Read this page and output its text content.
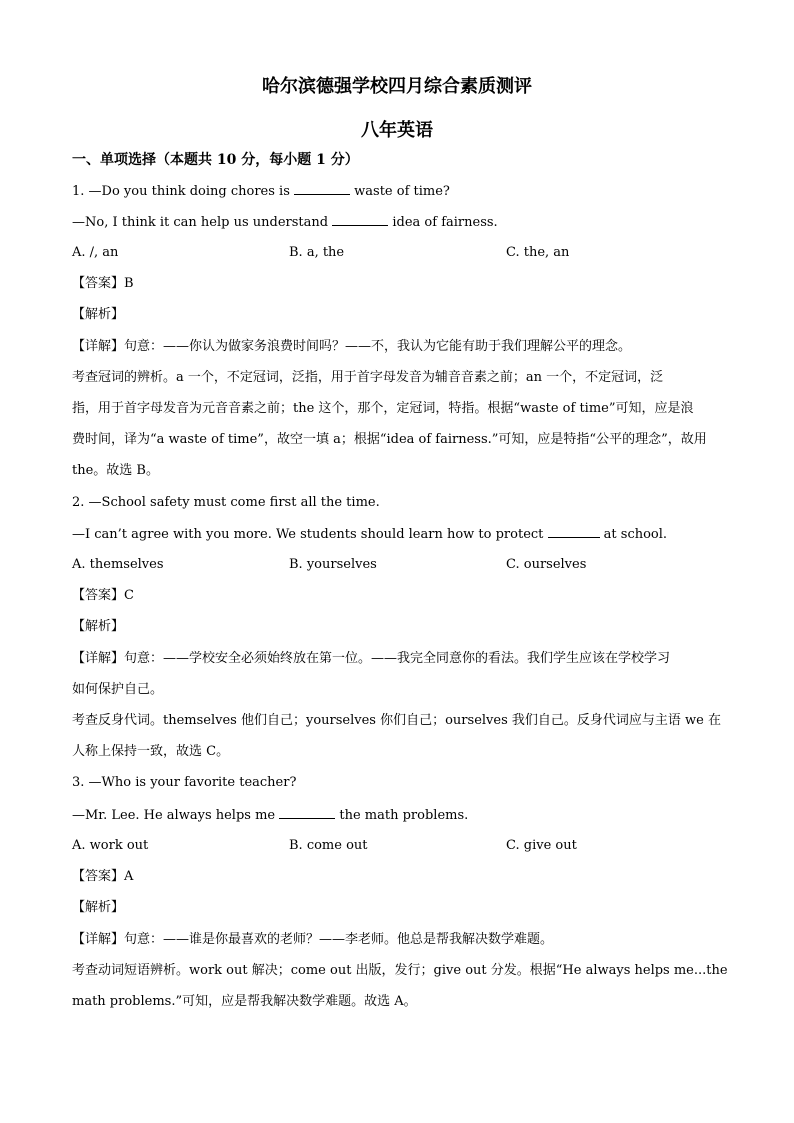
哈尔滨德强学校四月综合素质测评
八年英语
一、单项选择（本题共 10 分，每小题 1 分）
1. —Do you think doing chores is	waste of time?
—No, I think it can help us understand	idea of fairness.
A. /, an	B. a, the	C. the, an
【答案】B
【解析】
【详解】句意：——你认为做家务浪费时间吗？——不，我认为它能有助于我们理解公平的理念。
考查冠词的辨析。a 一个，不定冠词，泛指，用于首字母发音为辅音音素之前；an 一个，不定冠词，泛
指，用于首字母发音为元音音素之前；the 这个，那个，定冠词，特指。根据“waste of time”可知，应是浪
费时间，译为“a waste of time”，故空一填 a；根据“idea of fairness.”可知，应是特指“公平的理念”，故用
the。故选 B。
2. —School safety must come first all the time.
—I can’t agree with you more. We students should learn how to protect	at school.
A. themselves	B. yourselves	C. ourselves
【答案】C
【解析】
【详解】句意：——学校安全必须始终放在第一位。——我完全同意你的看法。我们学生应该在学校学习
如何保护自己。
考查反身代词。themselves 他们自己；yourselves 你们自己；ourselves 我们自己。反身代词应与主语 we 在
人称上保持一致，故选 C。
3. —Who is your favorite teacher?
—Mr. Lee. He always helps me	the math problems.
A. work out	B. come out	C. give out
【答案】A
【解析】
【详解】句意：——谁是你最喜欢的老师？——李老师。他总是帮我解决数学难题。
考查动词短语辨析。work out 解决；come out 出版，发行；give out 分发。根据“He always helps me...the
math problems.”可知，应是帮我解决数学难题。故选 A。
